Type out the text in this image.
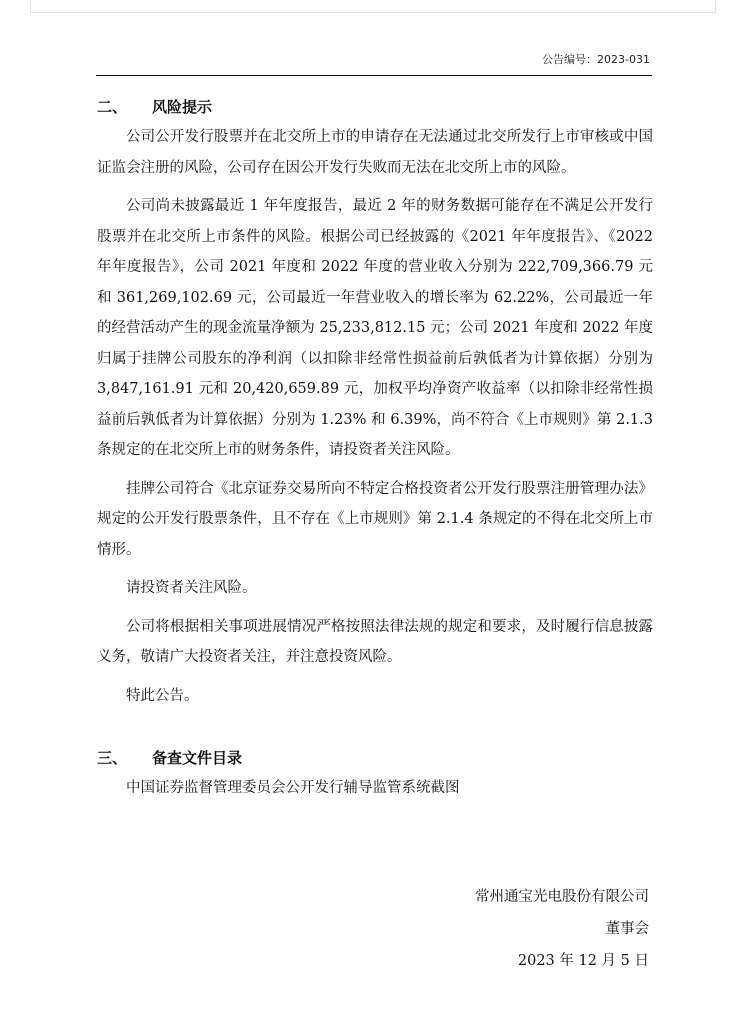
公告编号：2023-031
二、 风险提示

公司公开发行股票并在北交所上市的申请存在无法通过北交所发行上市审核或中国证监会注册的风险，公司存在因公开发行失败而无法在北交所上市的风险。

公司尚未披露最近 1 年年度报告，最近 2 年的财务数据可能存在不满足公开发行股票并在北交所上市条件的风险。根据公司已经披露的《2021 年年度报告》、《2022 年年度报告》，公司 2021 年度和 2022 年度的营业收入分别为 222,709,366.79 元和 361,269,102.69 元，公司最近一年营业收入的增长率为 62.22%，公司最近一年的经营活动产生的现金流量净额为 25,233,812.15 元；公司 2021 年度和 2022 年度归属于挂牌公司股东的净利润（以扣除非经常性损益前后孰低者为计算依据）分别为 3,847,161.91 元和 20,420,659.89 元，加权平均净资产收益率（以扣除非经常性损益前后孰低者为计算依据）分别为 1.23% 和 6.39%，尚不符合《上市规则》第 2.1.3 条规定的在北交所上市的财务条件，请投资者关注风险。

挂牌公司符合《北京证券交易所向不特定合格投资者公开发行股票注册管理办法》规定的公开发行股票条件，且不存在《上市规则》第 2.1.4 条规定的不得在北交所上市情形。

请投资者关注风险。

公司将根据相关事项进展情况严格按照法律法规的规定和要求，及时履行信息披露义务，敬请广大投资者关注，并注意投资风险。

特此公告。

三、 备查文件目录

中国证券监督管理委员会公开发行辅导监管系统截图

常州通宝光电股份有限公司

董事会

2023 年 12 月 5 日
